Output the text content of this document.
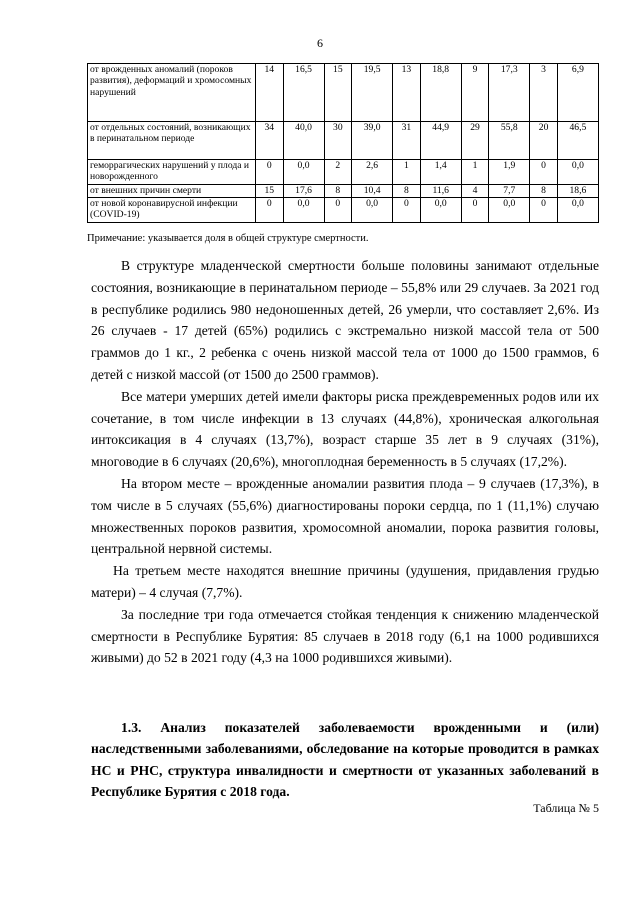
6
от врожденных аномалий (пороков развития), деформаций и хромосомных нарушений	14	16,5	15	19,5	13	18,8	9	17,3	3	6,9
от отдельных состояний, возникающих в перинатальном периоде	34	40,0	30	39,0	31	44,9	29	55,8	20	46,5
геморрагических нарушений у плода и новорожденного	0	0,0	2	2,6	1	1,4	1	1,9	0	0,0
от внешних причин смерти	15	17,6	8	10,4	8	11,6	4	7,7	8	18,6
от новой коронавирусной инфекции (COVID-19)	0	0,0	0	0,0	0	0,0	0	0,0	0	0,0
Примечание: указывается доля в общей структуре смертности.

В структуре младенческой смертности больше половины занимают отдельные состояния, возникающие в перинатальном периоде – 55,8% или 29 случаев. За 2021 год в республике родились 980 недоношенных детей, 26 умерли, что составляет 2,6%. Из 26 случаев - 17 детей (65%) родились с экстремально низкой массой тела от 500 граммов до 1 кг., 2 ребенка с очень низкой массой тела от 1000 до 1500 граммов, 6 детей с низкой массой (от 1500 до 2500 граммов).

Все матери умерших детей имели факторы риска преждевременных родов или их сочетание, в том числе инфекции в 13 случаях (44,8%), хроническая алкогольная интоксикация в 4 случаях (13,7%), возраст старше 35 лет в 9 случаях (31%), многоводие в 6 случаях (20,6%), многоплодная беременность в 5 случаях (17,2%).

На втором месте – врожденные аномалии развития плода – 9 случаев (17,3%), в том числе в 5 случаях (55,6%) диагностированы пороки сердца, по 1 (11,1%) случаю множественных пороков развития, хромосомной аномалии, порока развития головы, центральной нервной системы.

На третьем месте находятся внешние причины (удушения, придавления грудью матери) – 4 случая (7,7%).

За последние три года отмечается стойкая тенденция к снижению младенческой смертности в Республике Бурятия: 85 случаев в 2018 году (6,1 на 1000 родившихся живыми) до 52 в 2021 году (4,3 на 1000 родившихся живыми).

1.3. Анализ показателей заболеваемости врожденными и (или) наследственными заболеваниями, обследование на которые проводится в рамках НС и РНС, структура инвалидности и смертности от указанных заболеваний в Республике Бурятия с 2018 года.
Таблица № 5
